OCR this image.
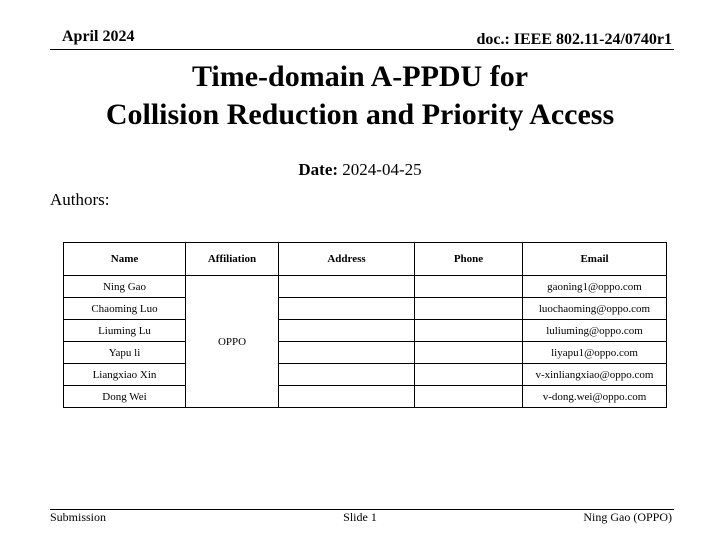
April 2024	doc.: IEEE 802.11-24/0740r1
Time-domain A-PPDU for
Collision Reduction and Priority Access
Date: 2024-04-25
Authors:
Name	Affiliation	Address	Phone	Email
Ning Gao	OPPO			gaoning1@oppo.com
Chaoming Luo				luochaoming@oppo.com
Liuming Lu				luliuming@oppo.com
Yapu li				liyapu1@oppo.com
Liangxiao Xin				v-xinliangxiao@oppo.com
Dong Wei				v-dong.wei@oppo.com
Submission	Slide 1	Ning Gao (OPPO)
